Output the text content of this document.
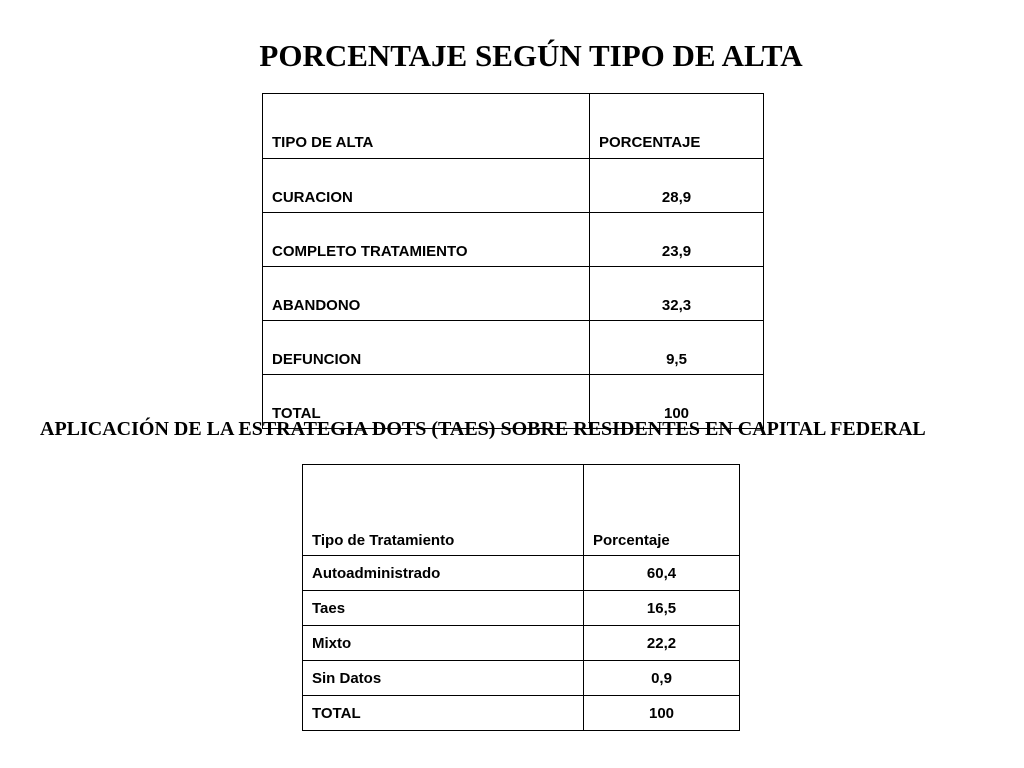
PORCENTAJE SEGÚN TIPO DE ALTA
TIPO DE ALTA	PORCENTAJE
CURACION	28,9
COMPLETO TRATAMIENTO	23,9
ABANDONO	32,3
DEFUNCION	9,5
TOTAL	100
APLICACIÓN DE LA ESTRATEGIA DOTS (TAES) SOBRE RESIDENTES EN CAPITAL FEDERAL
Tipo de Tratamiento	Porcentaje
Autoadministrado	60,4
Taes	16,5
Mixto	22,2
Sin Datos	0,9
TOTAL	100
